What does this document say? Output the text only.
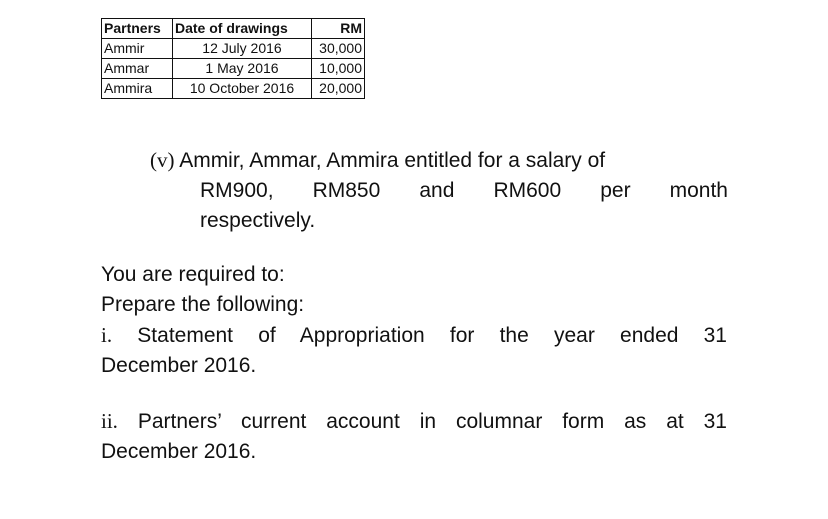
Partners	Date of drawings	RM
Ammir	12 July 2016	30,000
Ammar	1 May 2016	10,000
Ammira	10 October 2016	20,000
(v) Ammir, Ammar, Ammira entitled for a salary of
RM900, RM850 and RM600 per month
respectively.
You are required to:
Prepare the following:
i. Statement of Appropriation for the year ended 31
December 2016.
ii. Partners’ current account in columnar form as at 31
December 2016.
